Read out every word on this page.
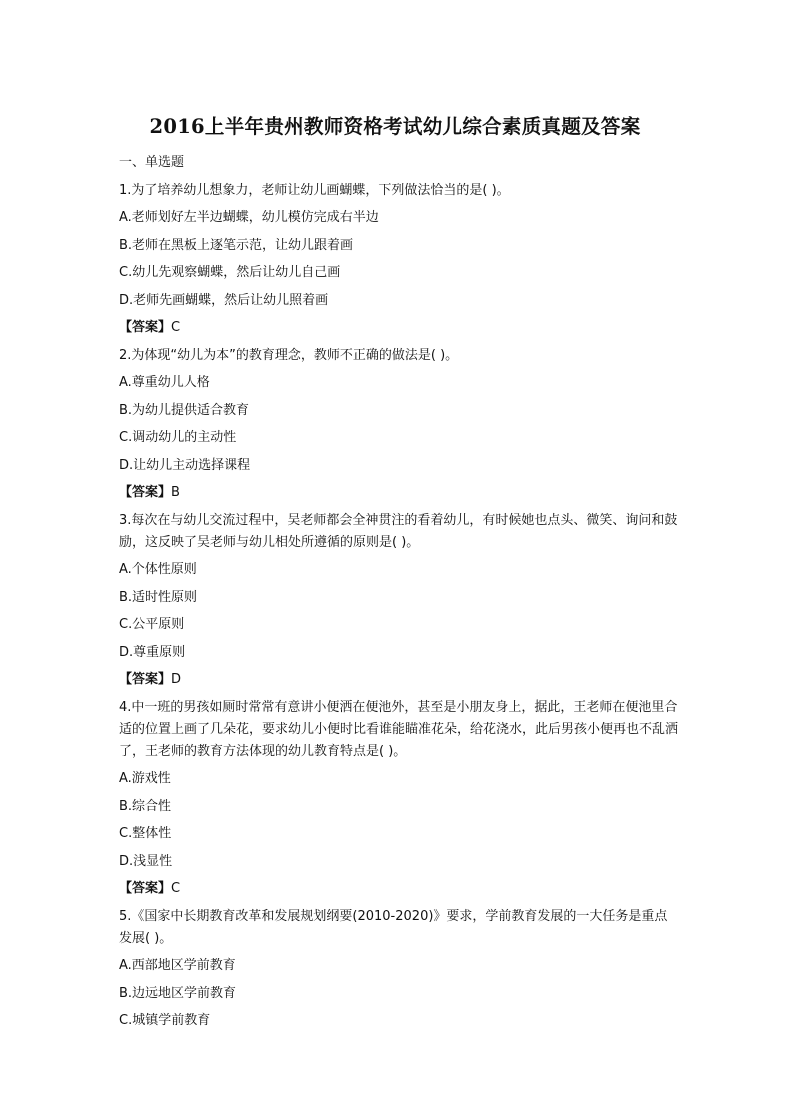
2016上半年贵州教师资格考试幼儿综合素质真题及答案
一、单选题
1.为了培养幼儿想象力，老师让幼儿画蝴蝶，下列做法恰当的是( )。
A.老师划好左半边蝴蝶，幼儿模仿完成右半边
B.老师在黑板上逐笔示范，让幼儿跟着画
C.幼儿先观察蝴蝶，然后让幼儿自己画
D.老师先画蝴蝶，然后让幼儿照着画
【答案】C
2.为体现“幼儿为本”的教育理念，教师不正确的做法是( )。
A.尊重幼儿人格
B.为幼儿提供适合教育
C.调动幼儿的主动性
D.让幼儿主动选择课程
【答案】B
3.每次在与幼儿交流过程中，吴老师都会全神贯注的看着幼儿，有时候她也点头、微笑、询问和鼓励，这反映了吴老师与幼儿相处所遵循的原则是( )。
A.个体性原则
B.适时性原则
C.公平原则
D.尊重原则
【答案】D
4.中一班的男孩如厕时常常有意讲小便洒在便池外，甚至是小朋友身上，据此，王老师在便池里合适的位置上画了几朵花，要求幼儿小便时比看谁能瞄准花朵，给花浇水，此后男孩小便再也不乱洒了，王老师的教育方法体现的幼儿教育特点是( )。
A.游戏性
B.综合性
C.整体性
D.浅显性
【答案】C
5.《国家中长期教育改革和发展规划纲要(2010-2020)》要求，学前教育发展的一大任务是重点发展( )。
A.西部地区学前教育
B.边远地区学前教育
C.城镇学前教育
